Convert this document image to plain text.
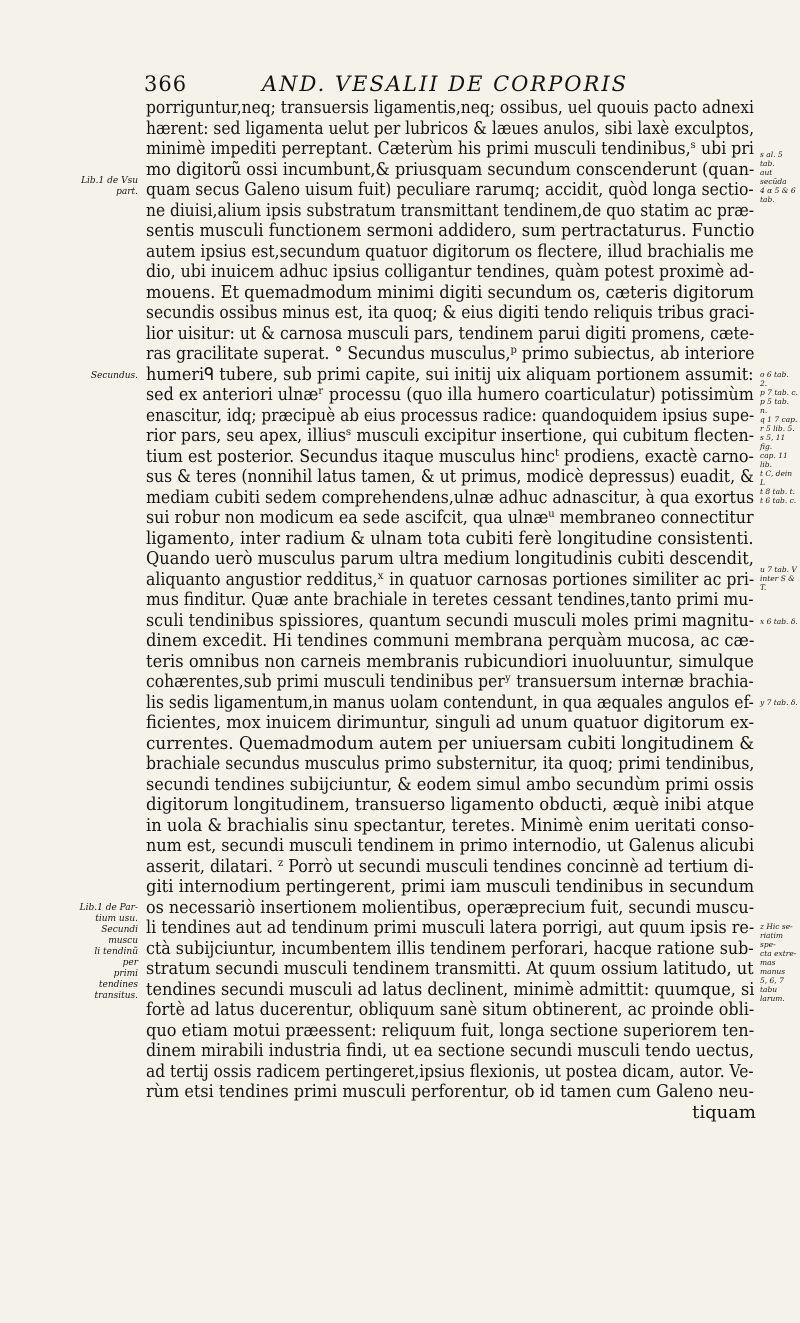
366	AND. VESALII DE CORPORIS
porriguntur,neq; transuersis ligamentis,neq; ossibus, uel quouis pacto adnexi
hærent: sed ligamenta uelut per lubricos & læues anulos, sibi laxè exculptos,
minimè impediti perreptant. Cæterùm his primi musculi tendinibus,ˢ ubi pri
mo digitorũ ossi incumbunt,& priusquam secundum conscenderunt (quan-
quam secus Galeno uisum fuit) peculiare rarumq; accidit, quòd longa sectio-
ne diuisi,alium ipsis substratum transmittant tendinem,de quo statim ac præ-
sentis musculi functionem sermoni addidero, sum pertractaturus. Functio
autem ipsius est,secundum quatuor digitorum os flectere, illud brachialis me
dio, ubi inuicem adhuc ipsius colligantur tendines, quàm potest proximè ad-
mouens. Et quemadmodum minimi digiti secundum os, cæteris digitorum
secundis ossibus minus est, ita quoq; & eius digiti tendo reliquis tribus graci-
lior uisitur: ut & carnosa musculi pars, tendinem parui digiti promens, cæte-
ras gracilitate superat. ° Secundus musculus,ᵖ primo subiectus, ab interiore
humeriᑫ tubere, sub primi capite, sui initij uix aliquam portionem assumit:
sed ex anteriori ulnæʳ processu (quo illa humero coarticulatur) potissimùm
enascitur, idq; præcipuè ab eius processus radice: quandoquidem ipsius supe-
rior pars, seu apex, illiusˢ musculi excipitur insertione, qui cubitum flecten-
tium est posterior. Secundus itaque musculus hincᵗ prodiens, exactè carno-
sus & teres (nonnihil latus tamen, & ut primus, modicè depressus) euadit, &
mediam cubiti sedem comprehendens,ulnæ adhuc adnascitur, à qua exortus
sui robur non modicum ea sede ascifcit, qua ulnæᵘ membraneo connectitur
ligamento, inter radium & ulnam tota cubiti ferè longitudine consistenti.
Quando uerò musculus parum ultra medium longitudinis cubiti descendit,
aliquanto angustior redditus,ˣ in quatuor carnosas portiones similiter ac pri-
mus finditur. Quæ ante brachiale in teretes cessant tendines,tanto primi mu-
sculi tendinibus spissiores, quantum secundi musculi moles primi magnitu-
dinem excedit. Hi tendines communi membrana perquàm mucosa, ac cæ-
teris omnibus non carneis membranis rubicundiori inuoluuntur, simulque
cohærentes,sub primi musculi tendinibus perʸ transuersum internæ brachia-
lis sedis ligamentum,in manus uolam contendunt, in qua æquales angulos ef-
ficientes, mox inuicem dirimuntur, singuli ad unum quatuor digitorum ex-
currentes. Quemadmodum autem per uniuersam cubiti longitudinem &
brachiale secundus musculus primo substernitur, ita quoq; primi tendinibus,
secundi tendines subijciuntur, & eodem simul ambo secundùm primi ossis
digitorum longitudinem, transuerso ligamento obducti, æquè inibi atque
in uola & brachialis sinu spectantur, teretes. Minimè enim ueritati conso-
num est, secundi musculi tendinem in primo internodio, ut Galenus alicubi
asserit, dilatari. ᶻ Porrò ut secundi musculi tendines concinnè ad tertium di-
giti internodium pertingerent, primi iam musculi tendinibus in secundum
os necessariò insertionem molientibus, operæprecium fuit, secundi muscu-
li tendines aut ad tendinum primi musculi latera porrigi, aut quum ipsis re-
ctà subijciuntur, incumbentem illis tendinem perforari, hacque ratione sub-
stratum secundi musculi tendinem transmitti. At quum ossium latitudo, ut
tendines secundi musculi ad latus declinent, minimè admittit: quumque, si
fortè ad latus ducerentur, obliquum sanè situm obtinerent, ac proinde obli-
quo etiam motui præessent: reliquum fuit, longa sectione superiorem ten-
dinem mirabili industria findi, ut ea sectione secundi musculi tendo uectus,
ad tertij ossis radicem pertingeret,ipsius flexionis, ut postea dicam, autor. Ve-
rùm etsi tendines primi musculi perforentur, ob id tamen cum Galeno neu-
tiquam
Lib.1 de Vsu
part.
Secundus.
Lib.1 de Par-
tium usu.
Secundi muscu
li tendinũ per
primi tendines
transitus.
s al. 5 tab.
aut secūda
4 ɑ 5 & 6
tab.
o 6 tab. 2.
p 7 tab. c.
p 5 tab. n.
q 1 7 cap.
r 5 lib. 5.
s 5, 11 fig.
cap. 11 lib.
t C, dein L
t 8 tab. t.
t 6 tab. c.
u 7 tab. V
inter S &
T.
x 6 tab. δ.
y 7 tab. δ.
z Hic se-
riatim spe-
cta extre-
mas manus
5, 6, 7 tabu
larum.
